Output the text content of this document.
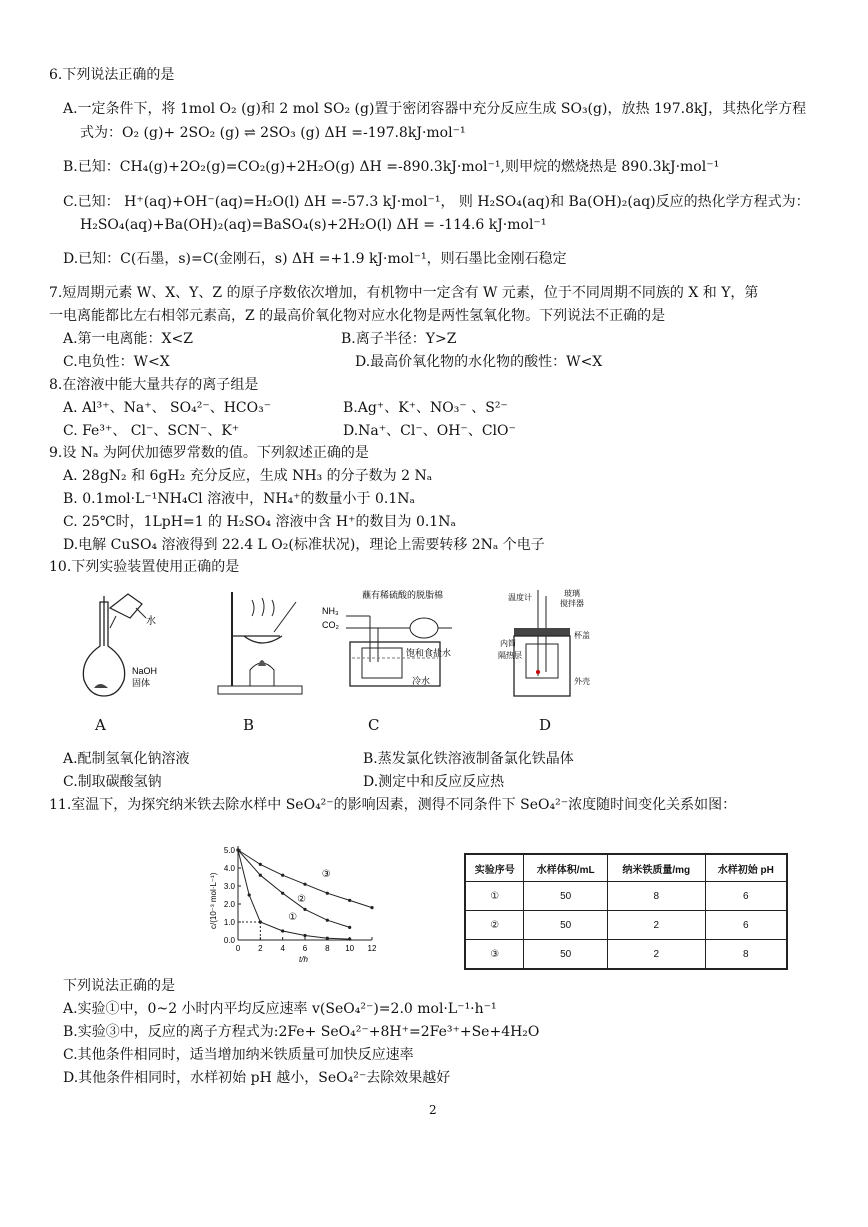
6.下列说法正确的是
A.一定条件下，将 1mol O₂ (g)和 2 mol SO₂ (g)置于密闭容器中充分反应生成 SO₃(g)，放热 197.8kJ，其热化学方程
式为：O₂ (g)+ 2SO₂ (g) ⇌ 2SO₃ (g) ΔH =-197.8kJ·mol⁻¹
B.已知：CH₄(g)+2O₂(g)=CO₂(g)+2H₂O(g) ΔH =-890.3kJ·mol⁻¹,则甲烷的燃烧热是 890.3kJ·mol⁻¹
C.已知： H⁺(aq)+OH⁻(aq)=H₂O(l) ΔH =-57.3 kJ·mol⁻¹， 则 H₂SO₄(aq)和 Ba(OH)₂(aq)反应的热化学方程式为：
H₂SO₄(aq)+Ba(OH)₂(aq)=BaSO₄(s)+2H₂O(l) ΔH = -114.6 kJ·mol⁻¹
D.已知：C(石墨，s)=C(金刚石，s) ΔH =+1.9 kJ·mol⁻¹，则石墨比金刚石稳定
7.短周期元素 W、X、Y、Z 的原子序数依次增加，有机物中一定含有 W 元素，位于不同周期不同族的 X 和 Y，第
一电离能都比左右相邻元素高，Z 的最高价氧化物对应水化物是两性氢氧化物。下列说法不正确的是
A.第一电离能：X<Z	B.离子半径：Y>Z
C.电负性：W<X	D.最高价氧化物的水化物的酸性：W<X
8.在溶液中能大量共存的离子组是
A. Al³⁺、Na⁺、 SO₄²⁻、HCO₃⁻	B.Ag⁺、K⁺、NO₃⁻ 、S²⁻
C. Fe³⁺、 Cl⁻、SCN⁻、K⁺	D.Na⁺、Cl⁻、OH⁻、ClO⁻
9.设 Nₐ 为阿伏加德罗常数的值。下列叙述正确的是
A. 28gN₂ 和 6gH₂ 充分反应，生成 NH₃ 的分子数为 2 Nₐ
B. 0.1mol·L⁻¹NH₄Cl 溶液中，NH₄⁺的数量小于 0.1Nₐ
C. 25℃时，1LpH=1 的 H₂SO₄ 溶液中含 H⁺的数目为 0.1Nₐ
D.电解 CuSO₄ 溶液得到 22.4 L O₂(标准状况)，理论上需要转移 2Nₐ 个电子
10.下列实验装置使用正确的是
水
NaOH
固体
蘸有稀硫酸的脱脂棉
NH₃
CO₂
饱和食盐水
冷水
温度计	玻璃
搅拌器
杯盖
内筒
隔热层
外壳
A	B	C	D
A.配制氢氧化钠溶液	B.蒸发氯化铁溶液制备氯化铁晶体
C.制取碳酸氢钠	D.测定中和反应反应热
11.室温下，为探究纳米铁去除水样中 SeO₄²⁻的影响因素，测得不同条件下 SeO₄²⁻浓度随时间变化关系如图：
0 2 4 6 8 10 12
0.0
1.0
2.0
3.0
4.0
5.0
t/h
c/(10⁻³ mol·L⁻¹)	①
②
③	实验序号	水样体积/mL	纳米铁质量/mg	水样初始 pH
①	50	8	6
②	50	2	6
③	50	2	8
下列说法正确的是
A.实验①中，0~2 小时内平均反应速率 v(SeO₄²⁻)=2.0 mol·L⁻¹·h⁻¹
B.实验③中，反应的离子方程式为:2Fe+ SeO₄²⁻+8H⁺=2Fe³⁺+Se+4H₂O
C.其他条件相同时，适当增加纳米铁质量可加快反应速率
D.其他条件相同时，水样初始 pH 越小，SeO₄²⁻去除效果越好
2
